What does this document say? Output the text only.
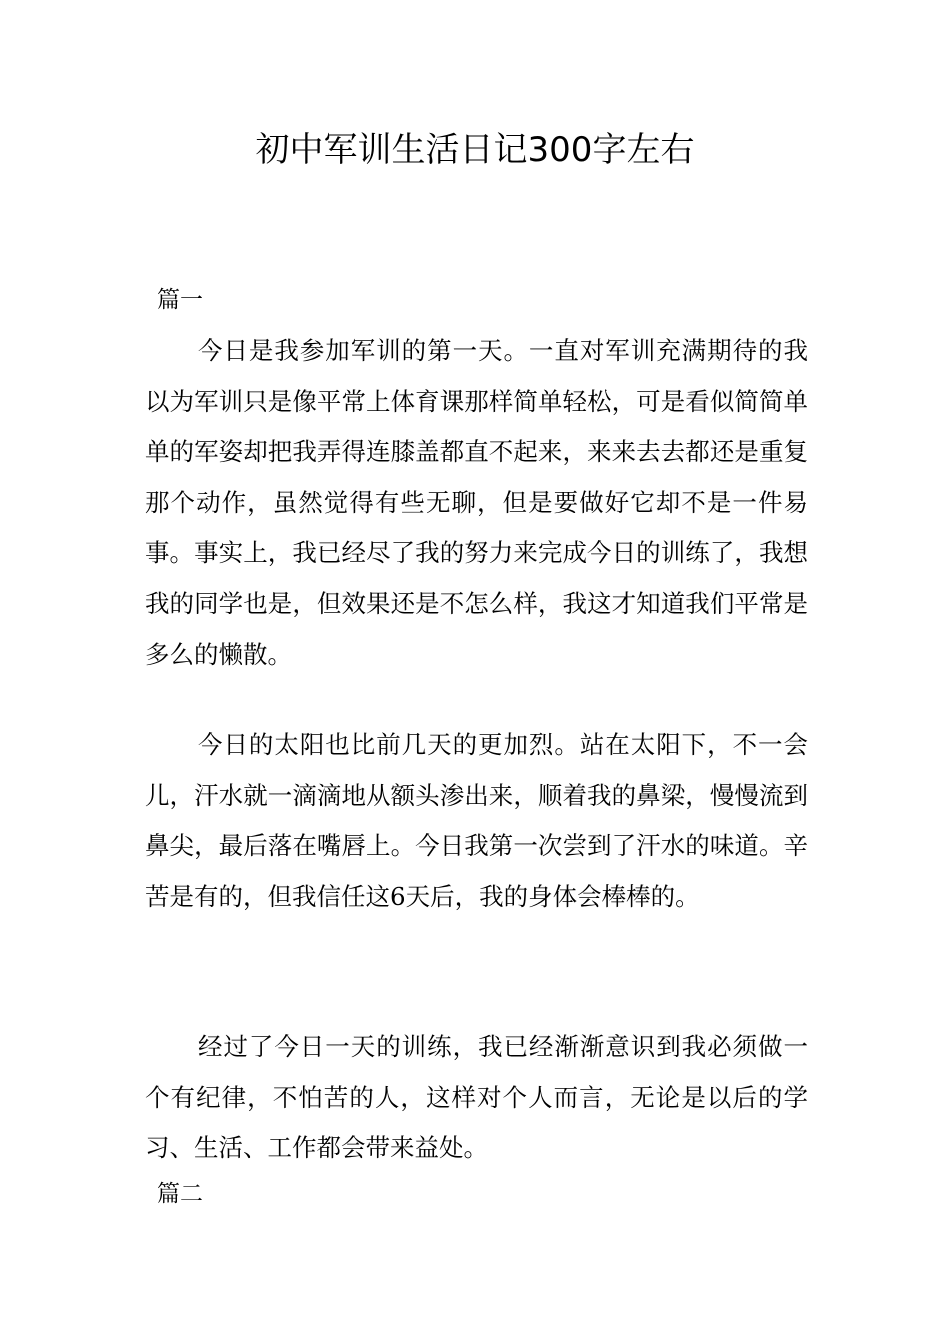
初中军训生活日记300字左右
篇一

今日是我参加军训的第一天。一直对军训充满期待的我以为军训只是像平常上体育课那样简单轻松，可是看似简简单单的军姿却把我弄得连膝盖都直不起来，来来去去都还是重复那个动作，虽然觉得有些无聊，但是要做好它却不是一件易事。事实上，我已经尽了我的努力来完成今日的训练了，我想我的同学也是，但效果还是不怎么样，我这才知道我们平常是多么的懒散。

今日的太阳也比前几天的更加烈。站在太阳下，不一会儿，汗水就一滴滴地从额头渗出来，顺着我的鼻梁，慢慢流到鼻尖，最后落在嘴唇上。今日我第一次尝到了汗水的味道。辛苦是有的，但我信任这6天后，我的身体会棒棒的。

经过了今日一天的训练，我已经渐渐意识到我必须做一个有纪律，不怕苦的人，这样对个人而言，无论是以后的学习、生活、工作都会带来益处。

篇二
